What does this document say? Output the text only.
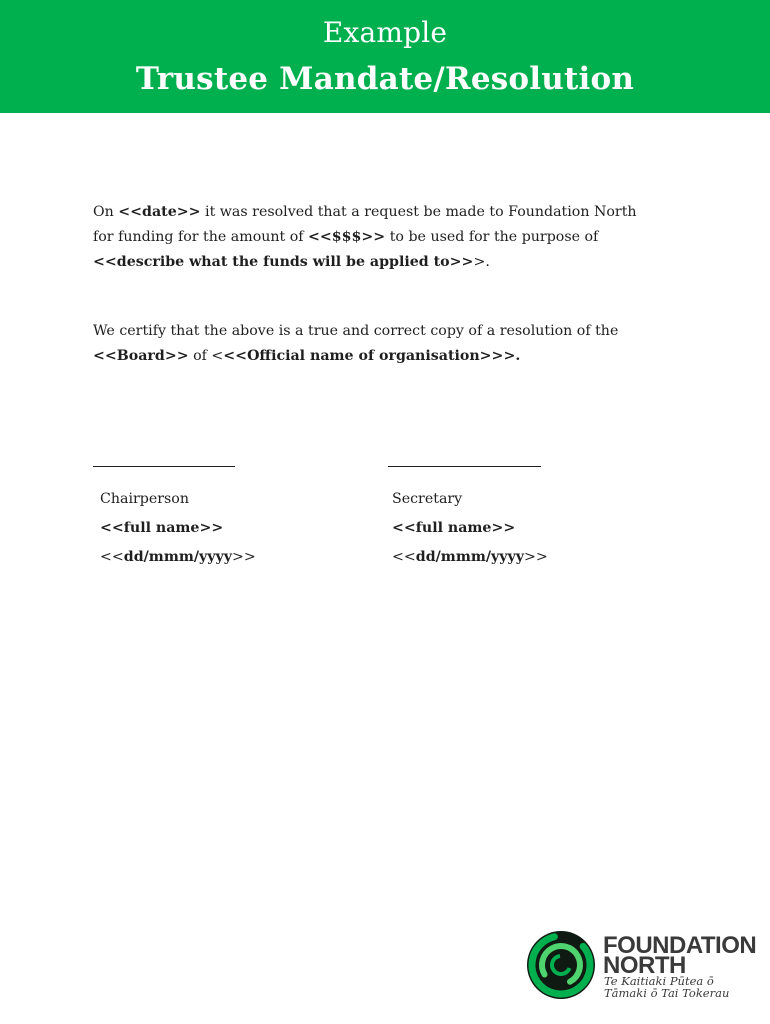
Example
Trustee Mandate/Resolution

On <<date>> it was resolved that a request be made to Foundation North for funding for the amount of <<$$$>> to be used for the purpose of <<describe what the funds will be applied to>>>.

We certify that the above is a true and correct copy of a resolution of the <<Board>> of <<<Official name of organisation>>>.

Chairperson
<<full name>>
<<dd/mmm/yyyy>>
Secretary
<<full name>>
<<dd/mmm/yyyy>>
FOUNDATION
NORTH
Te Kaitiaki Pūtea ō
Tāmaki ō Tai Tokerau
